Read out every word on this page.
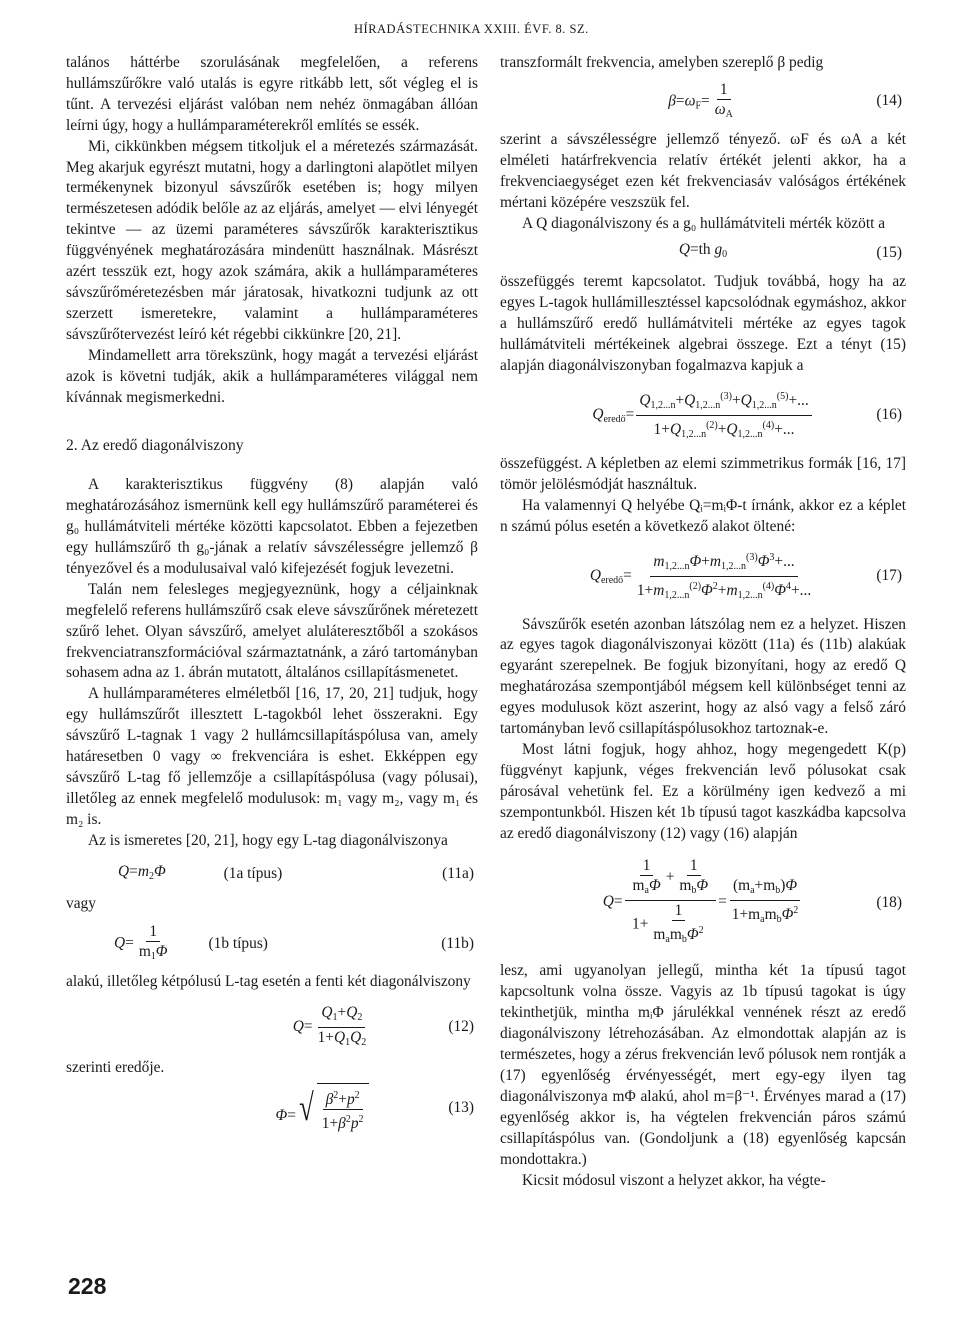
HÍRADÁSTECHNIKA XXIII. ÉVF. 8. SZ.

talános háttérbe szorulásának megfelelően, a referens hullámszűrőkre való utalás is egyre ritkább lett, sőt végleg el is tűnt. A tervezési eljárást valóban nem nehéz önmagában állóan leírni úgy, hogy a hullámparaméterekről említés se essék.

Mi, cikkünkben mégsem titkoljuk el a méretezés származását. Meg akarjuk egyrészt mutatni, hogy a darlingtoni alapötlet milyen termékenynek bizonyul sávszűrők esetében is; hogy milyen természetesen adódik belőle az az eljárás, amelyet — elvi lényegét tekintve — az üzemi paraméteres sávszűrők karakterisztikus függvényének meghatározására mindenütt használnak. Másrészt azért tesszük ezt, hogy azok számára, akik a hullámparaméteres sávszűrőméretezésben már járatosak, hivatkozni tudjunk az ott szerzett ismeretekre, valamint a hullámparaméteres sávszűrőtervezést leíró két régebbi cikkünkre [20, 21].

Mindamellett arra törekszünk, hogy magát a tervezési eljárást azok is követni tudják, akik a hullámparaméteres világgal nem kívánnak megismerkedni.

2. Az eredő diagonálviszony

A karakterisztikus függvény (8) alapján való meghatározásához ismernünk kell egy hullámszűrő paraméterei és g₀ hullámátviteli mértéke közötti kapcsolatot. Ebben a fejezetben egy hullámszűrő th g₀-jának a relatív sávszélességre jellemző β tényezővel és a modulusaival való kifejezését fogjuk levezetni.

Talán nem felesleges megjegyeznünk, hogy a céljainknak megfelelő referens hullámszűrő csak eleve sávszűrőnek méretezett szűrő lehet. Olyan sávszűrő, amelyet aluláteresztőből a szokásos frekvenciatranszformációval származtatnánk, a záró tartományban sohasem adna az 1. ábrán mutatott, általános csillapításmenetet.

A hullámparaméteres elméletből [16, 17, 20, 21] tudjuk, hogy egy hullámszűrőt illesztett L-tagokból lehet összerakni. Egy sávszűrő L-tagnak 1 vagy 2 hullámcsillapításpólusa van, amely határesetben 0 vagy ∞ frekvenciára is eshet. Ekképpen egy sávszűrő L-tag fő jellemzője a csillapításpólusa (vagy pólusai), illetőleg az ennek megfelelő modulusok: m₁ vagy m₂, vagy m₁ és m₂ is.

Az is ismeretes [20, 21], hogy egy L-tag diagonálviszonya

$Q=m_2\Phi$	(1a típus)	(11a)

vagy

$Q= \frac{1}{m_1\Phi} (1b$ típus)	(11b)

alakú, illetőleg kétpólusú L-tag esetén a fenti két diagonálviszony

$Q= \frac{Q_1+Q_2}{1+Q_1Q_2}$	(12)

szerinti eredője.

Φ= √ $\frac{\beta^2+p^2}{1+\beta^2p^2}$	(13)
228

transzformált frekvencia, amelyben szereplő β pedig

$\beta=\omega_F= \frac{1}{\omega_A}$	(14)

szerint a sávszélességre jellemző tényező. ωF és ωA a két elméleti határfrekvencia relatív értékét jelenti akkor, ha a frekvenciaegységet ezen két frekvenciasáv valóságos értékének mértani középére veszszük fel.

A Q diagonálviszony és a g₀ hullámátviteli mérték között a

Q=th $g_0$	(15)

összefüggés teremt kapcsolatot. Tudjuk továbbá, hogy ha az egyes L-tagok hullámillesztéssel kapcsolódnak egymáshoz, akkor a hullámszűrő eredő hullámátviteli mértéke az egyes tagok hullámátviteli mértékeinek algebrai összege. Ezt a tényt (15) alapján diagonálviszonyban fogalmazva kapjuk a

$Q_{eredő}= \frac{Q_{1,2...n}+Q_{1,2...n}^{(3)}+Q_{1,2...n}^{(5)}+...}{1+Q_{1,2...n}^{(2)}+Q_{1,2...n}^{(4)}+...}$	(16)

összefüggést. A képletben az elemi szimmetrikus formák [16, 17] tömör jelölésmódját használtuk.

Ha valamennyi Q helyébe Qᵢ=mᵢΦ-t írnánk, akkor ez a képlet n számú pólus esetén a következő alakot öltené:

$Q_{eredő}= \frac{m_{1,2...n}\Phi+m_{1,2...n}^{(3)}\Phi^3+...}{1+m_{1,2...n}^{(2)}\Phi^2+m_{1,2...n}^{(4)}\Phi^4+...}$	(17)

Sávszűrők esetén azonban látszólag nem ez a helyzet. Hiszen az egyes tagok diagonálviszonyai között (11a) és (11b) alakúak egyaránt szerepelnek. Be fogjuk bizonyítani, hogy az eredő Q meghatározása szempontjából mégsem kell különbséget tenni az egyes modulusok közt aszerint, hogy az alsó vagy a felső záró tartományban levő csillapításpólusokhoz tartoznak-e.

Most látni fogjuk, hogy ahhoz, hogy megengedett K(p) függvényt kapjunk, véges frekvencián levő pólusokat csak párosával vehetünk fel. Ez a körülmény igen kedvező a mi szempontunkból. Hiszen két 1b típusú tagot kaszkádba kapcsolva az eredő diagonálviszony (12) vagy (16) alapján

$Q= \frac{\frac{1}{m_a\Phi} + \frac{1}{m_b\Phi}}{1+ \frac{1}{m_am_b\Phi^2}} = \frac{(m_a+m_b)\Phi}{1+m_am_b\Phi^2}$	(18)

lesz, ami ugyanolyan jellegű, mintha két 1a típusú tagot kapcsoltunk volna össze. Vagyis az 1b típusú tagokat is úgy tekinthetjük, mintha mᵢΦ járulékkal vennének részt az eredő diagonálviszony létrehozásában. Az elmondottak alapján az is természetes, hogy a zérus frekvencián levő pólusok nem rontják a (17) egyenlőség érvényességét, mert egy-egy ilyen tag diagonálviszonya mΦ alakú, ahol m=β⁻¹. Érvényes marad a (17) egyenlőség akkor is, ha végtelen frekvencián páros számú csillapításpólus van. (Gondoljunk a (18) egyenlőség kapcsán mondottakra.)

Kicsit módosul viszont a helyzet akkor, ha végte-
